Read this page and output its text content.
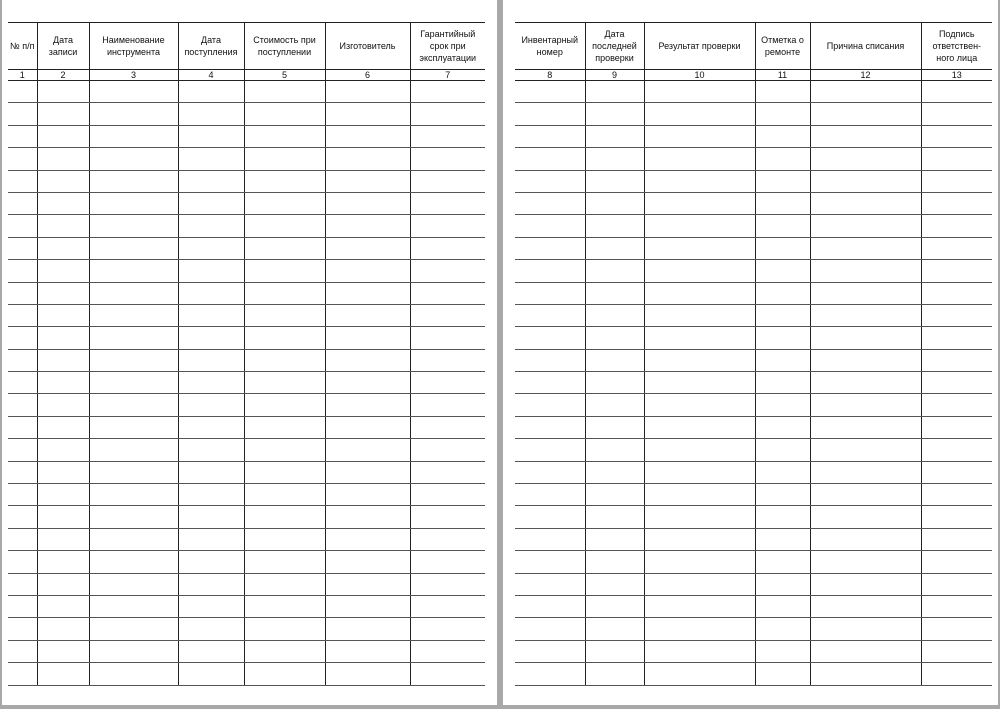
№ п/п	Дата записи	Наименование инструмента	Дата поступления	Стоимость при поступлении	Изготовитель	Гарантийный срок при эксплуатации
1	2	3	4	5	6	7

Инвентарный номер	Дата последней проверки	Результат проверки	Отметка о ремонте	Причина списания	Подпись ответствен-ного лица
8	9	10	11	12	13
